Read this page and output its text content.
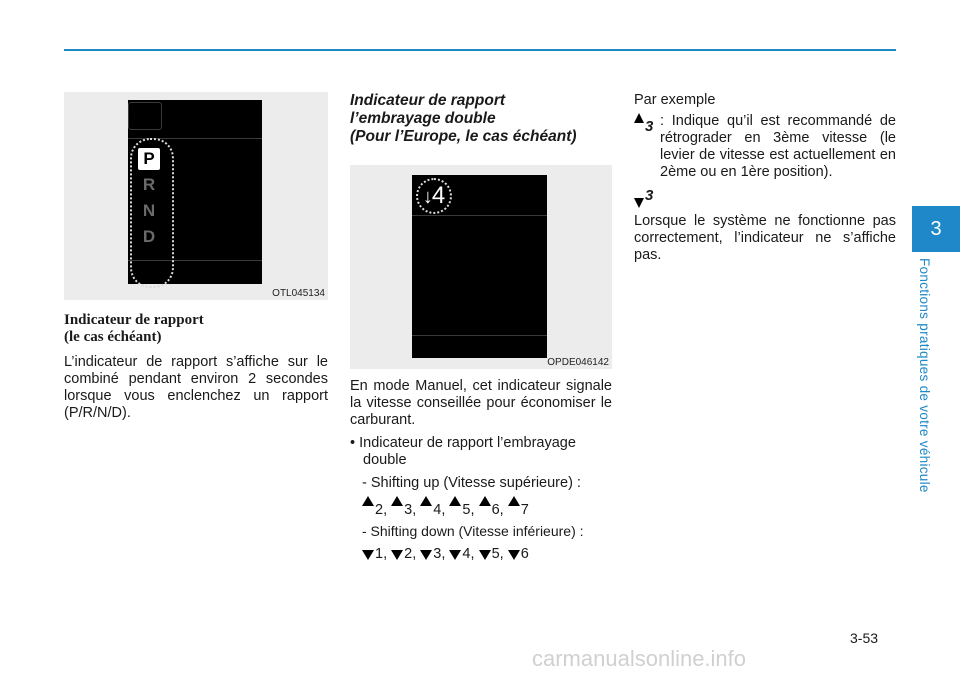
P
R
N
D
OTL045134
Indicateur de rapport
(le cas échéant)

L’indicateur de rapport s’affiche sur le combiné pendant environ 2 secondes lorsque vous enclenchez un rapport (P/R/N/D).

Indicateur de rapport
l’embrayage double
(Pour l’Europe, le cas échéant)
↓4
OPDE046142

En mode Manuel, cet indicateur signale la vitesse conseillée pour économiser le carburant.

• Indicateur de rapport l’embrayage double
- Shifting up (Vitesse supérieure) :
2, 3, 4, 5, 6, 7
- Shifting down (Vitesse inférieure) :
1, 2, 3, 4, 5, 6

Par exemple

3 : Indique qu’il est recommandé de rétrograder en 3ème vitesse (le levier de vitesse est actuellement en 2ème ou en 1ère position).
3

Lorsque le système ne fonctionne pas correctement, l’indicateur ne s’affiche pas.

3
Fonctions pratiques de votre véhicule
3-53
carmanualsonline.info
